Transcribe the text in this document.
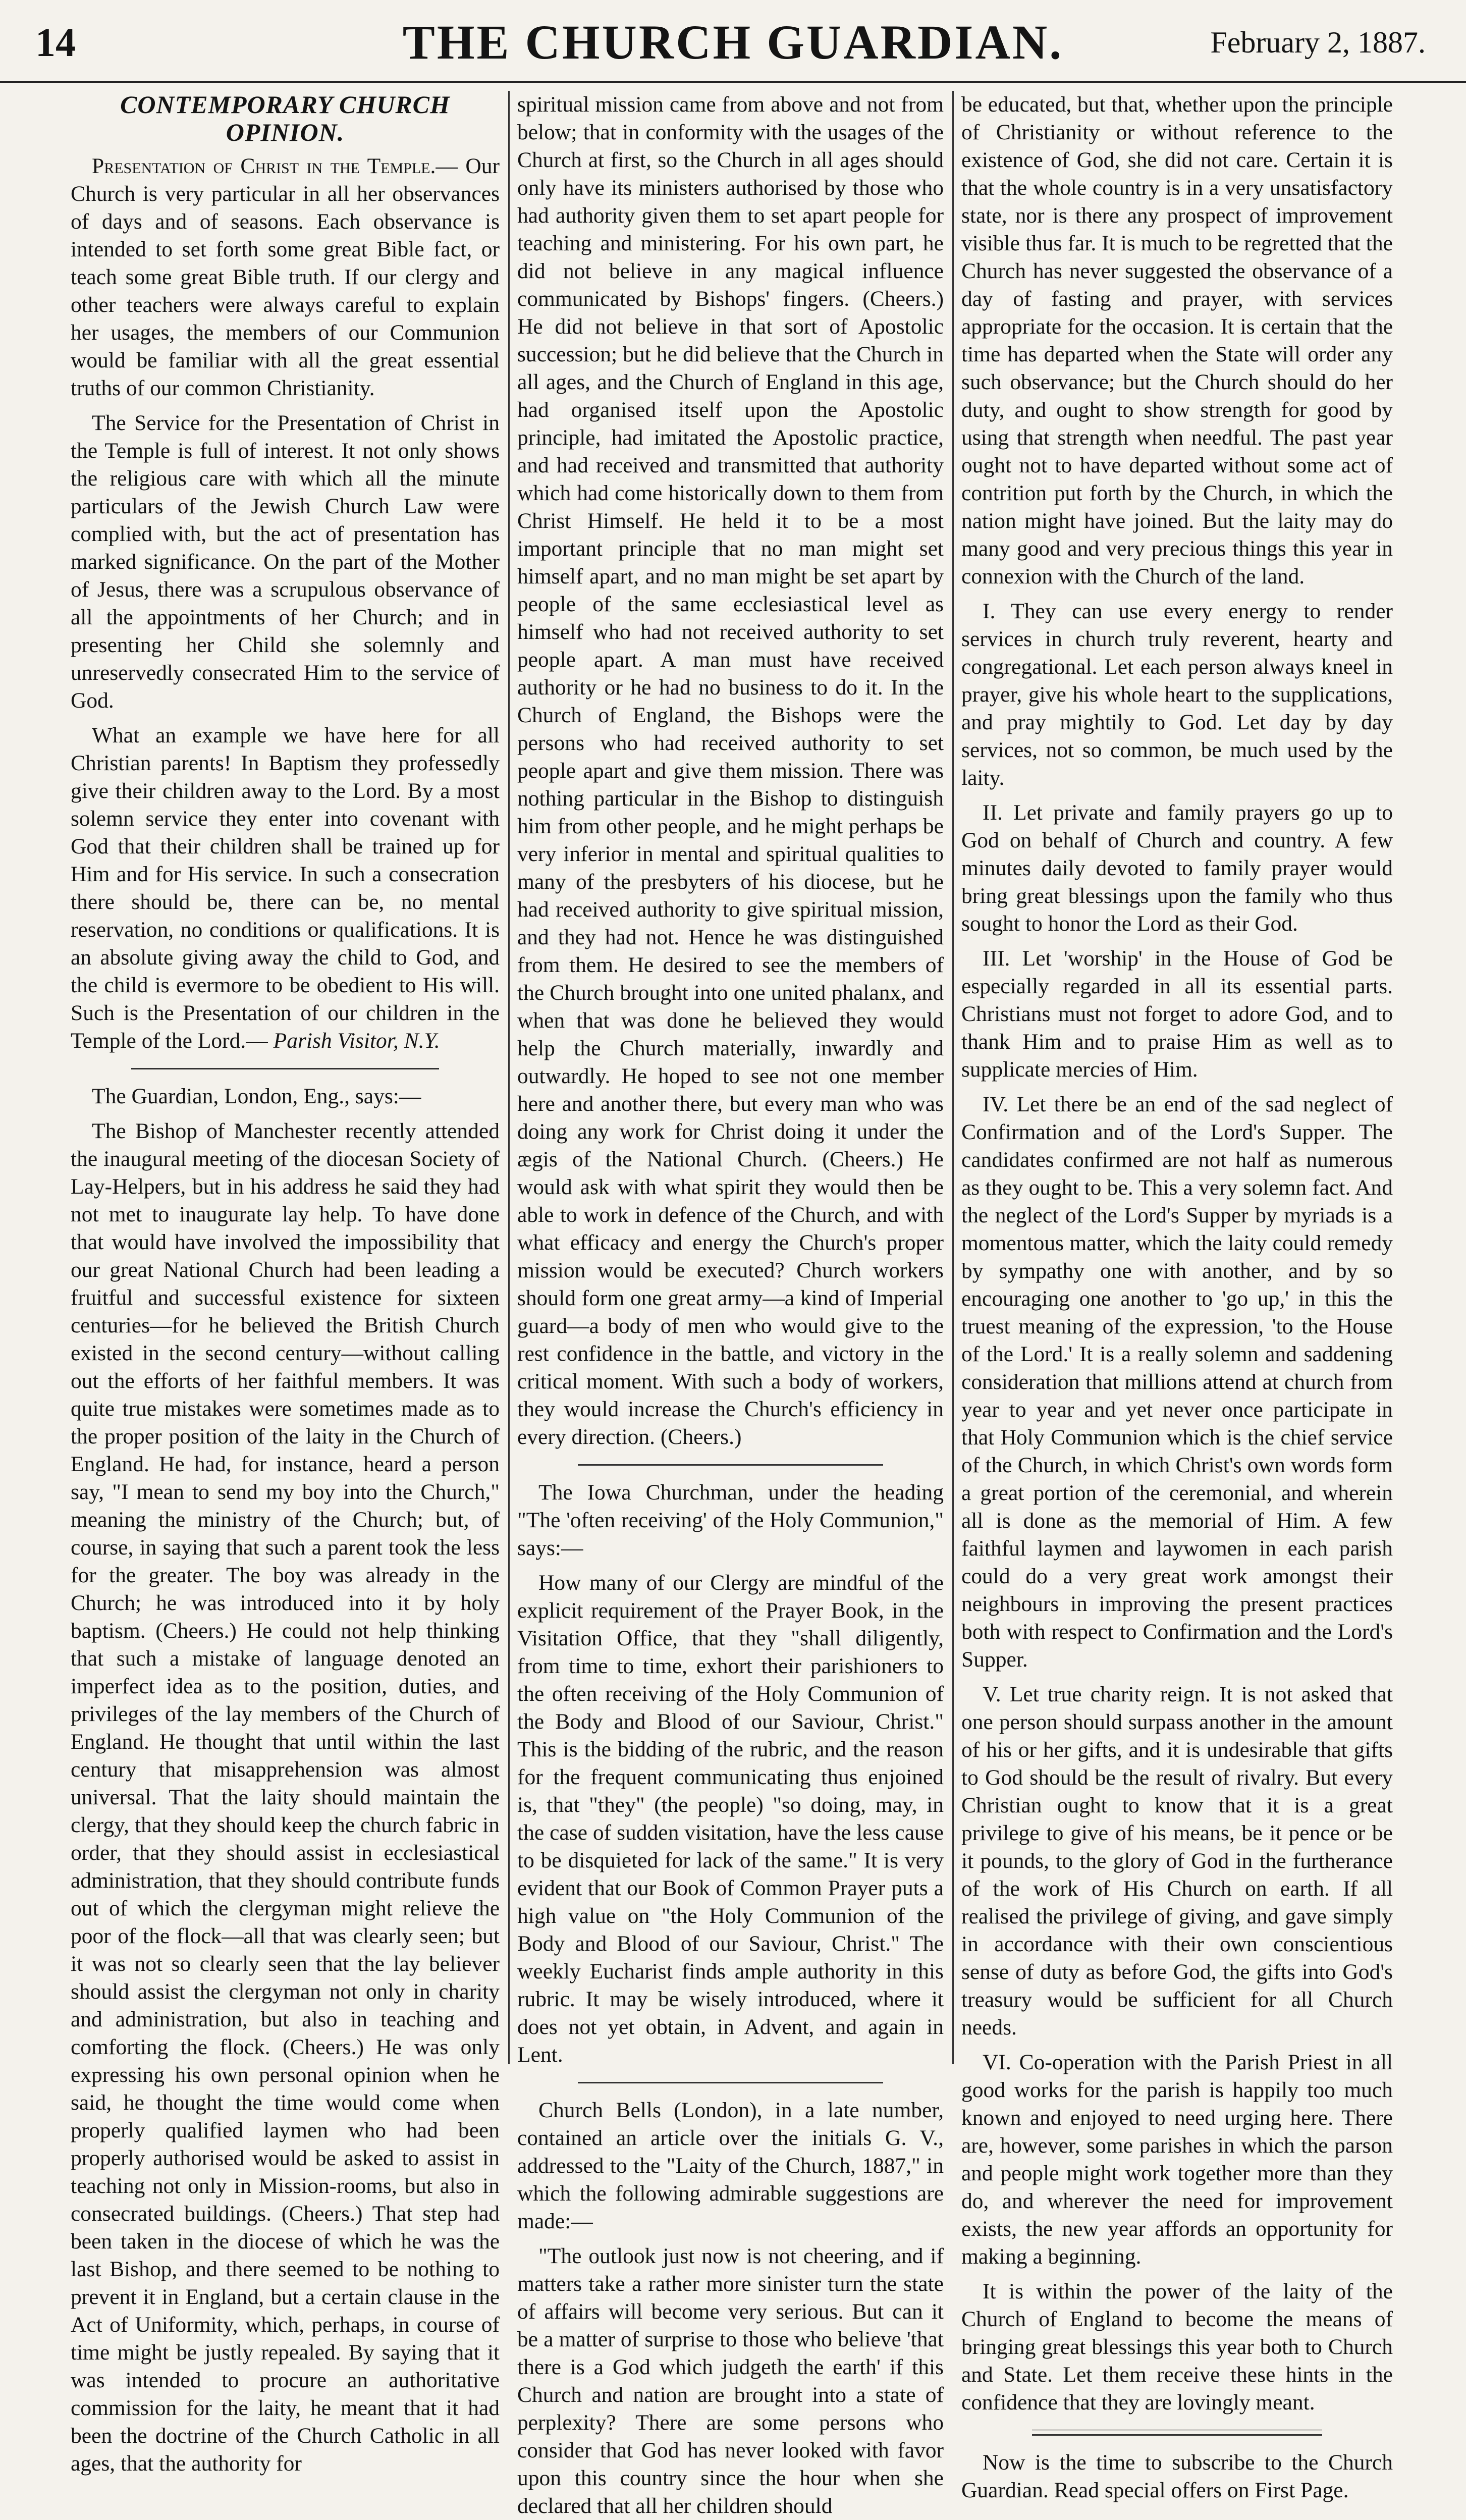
14	THE CHURCH GUARDIAN.	February 2, 1887.
CONTEMPORARY CHURCH OPINION.

Presentation of Christ in the Temple.— Our Church is very particular in all her observances of days and of seasons. Each observance is intended to set forth some great Bible fact, or teach some great Bible truth. If our clergy and other teachers were always careful to explain her usages, the members of our Communion would be familiar with all the great essential truths of our common Christianity.

The Service for the Presentation of Christ in the Temple is full of interest. It not only shows the religious care with which all the minute particulars of the Jewish Church Law were complied with, but the act of presentation has marked significance. On the part of the Mother of Jesus, there was a scrupulous observance of all the appointments of her Church; and in presenting her Child she solemnly and unreservedly consecrated Him to the service of God.

What an example we have here for all Christian parents! In Baptism they professedly give their children away to the Lord. By a most solemn service they enter into covenant with God that their children shall be trained up for Him and for His service. In such a consecration there should be, there can be, no mental reservation, no conditions or qualifications. It is an absolute giving away the child to God, and the child is evermore to be obedient to His will. Such is the Presentation of our children in the Temple of the Lord.— Parish Visitor, N.Y.

The Guardian, London, Eng., says:—

The Bishop of Manchester recently attended the inaugural meeting of the diocesan Society of Lay-Helpers, but in his address he said they had not met to inaugurate lay help. To have done that would have involved the impossibility that our great National Church had been leading a fruitful and successful existence for sixteen centuries—for he believed the British Church existed in the second century—without calling out the efforts of her faithful members. It was quite true mistakes were sometimes made as to the proper position of the laity in the Church of England. He had, for instance, heard a person say, "I mean to send my boy into the Church," meaning the ministry of the Church; but, of course, in saying that such a parent took the less for the greater. The boy was already in the Church; he was introduced into it by holy baptism. (Cheers.) He could not help thinking that such a mistake of language denoted an imperfect idea as to the position, duties, and privileges of the lay members of the Church of England. He thought that until within the last century that misapprehension was almost universal. That the laity should maintain the clergy, that they should keep the church fabric in order, that they should assist in ecclesiastical administration, that they should contribute funds out of which the clergyman might relieve the poor of the flock—all that was clearly seen; but it was not so clearly seen that the lay believer should assist the clergyman not only in charity and administration, but also in teaching and comforting the flock. (Cheers.) He was only expressing his own personal opinion when he said, he thought the time would come when properly qualified laymen who had been properly authorised would be asked to assist in teaching not only in Mission-rooms, but also in consecrated buildings. (Cheers.) That step had been taken in the diocese of which he was the last Bishop, and there seemed to be nothing to prevent it in England, but a certain clause in the Act of Uniformity, which, perhaps, in course of time might be justly repealed. By saying that it was intended to procure an authoritative commission for the laity, he meant that it had been the doctrine of the Church Catholic in all ages, that the authority for

spiritual mission came from above and not from below; that in conformity with the usages of the Church at first, so the Church in all ages should only have its ministers authorised by those who had authority given them to set apart people for teaching and ministering. For his own part, he did not believe in any magical influence communicated by Bishops' fingers. (Cheers.) He did not believe in that sort of Apostolic succession; but he did believe that the Church in all ages, and the Church of England in this age, had organised itself upon the Apostolic principle, had imitated the Apostolic practice, and had received and transmitted that authority which had come historically down to them from Christ Himself. He held it to be a most important principle that no man might set himself apart, and no man might be set apart by people of the same ecclesiastical level as himself who had not received authority to set people apart. A man must have received authority or he had no business to do it. In the Church of England, the Bishops were the persons who had received authority to set people apart and give them mission. There was nothing particular in the Bishop to distinguish him from other people, and he might perhaps be very inferior in mental and spiritual qualities to many of the presbyters of his diocese, but he had received authority to give spiritual mission, and they had not. Hence he was distinguished from them. He desired to see the members of the Church brought into one united phalanx, and when that was done he believed they would help the Church materially, inwardly and outwardly. He hoped to see not one member here and another there, but every man who was doing any work for Christ doing it under the ægis of the National Church. (Cheers.) He would ask with what spirit they would then be able to work in defence of the Church, and with what efficacy and energy the Church's proper mission would be executed? Church workers should form one great army—a kind of Imperial guard—a body of men who would give to the rest confidence in the battle, and victory in the critical moment. With such a body of workers, they would increase the Church's efficiency in every direction. (Cheers.)

The Iowa Churchman, under the heading "The 'often receiving' of the Holy Communion," says:—

How many of our Clergy are mindful of the explicit requirement of the Prayer Book, in the Visitation Office, that they "shall diligently, from time to time, exhort their parishioners to the often receiving of the Holy Communion of the Body and Blood of our Saviour, Christ." This is the bidding of the rubric, and the reason for the frequent communicating thus enjoined is, that "they" (the people) "so doing, may, in the case of sudden visitation, have the less cause to be disquieted for lack of the same." It is very evident that our Book of Common Prayer puts a high value on "the Holy Communion of the Body and Blood of our Saviour, Christ." The weekly Eucharist finds ample authority in this rubric. It may be wisely introduced, where it does not yet obtain, in Advent, and again in Lent.

Church Bells (London), in a late number, contained an article over the initials G. V., addressed to the "Laity of the Church, 1887," in which the following admirable suggestions are made:—

"The outlook just now is not cheering, and if matters take a rather more sinister turn the state of affairs will become very serious. But can it be a matter of surprise to those who believe 'that there is a God which judgeth the earth' if this Church and nation are brought into a state of perplexity? There are some persons who consider that God has never looked with favor upon this country since the hour when she declared that all her children should

be educated, but that, whether upon the principle of Christianity or without reference to the existence of God, she did not care. Certain it is that the whole country is in a very unsatisfactory state, nor is there any prospect of improvement visible thus far. It is much to be regretted that the Church has never suggested the observance of a day of fasting and prayer, with services appropriate for the occasion. It is certain that the time has departed when the State will order any such observance; but the Church should do her duty, and ought to show strength for good by using that strength when needful. The past year ought not to have departed without some act of contrition put forth by the Church, in which the nation might have joined. But the laity may do many good and very precious things this year in connexion with the Church of the land.

I. They can use every energy to render services in church truly reverent, hearty and congregational. Let each person always kneel in prayer, give his whole heart to the supplications, and pray mightily to God. Let day by day services, not so common, be much used by the laity.

II. Let private and family prayers go up to God on behalf of Church and country. A few minutes daily devoted to family prayer would bring great blessings upon the family who thus sought to honor the Lord as their God.

III. Let 'worship' in the House of God be especially regarded in all its essential parts. Christians must not forget to adore God, and to thank Him and to praise Him as well as to supplicate mercies of Him.

IV. Let there be an end of the sad neglect of Confirmation and of the Lord's Supper. The candidates confirmed are not half as numerous as they ought to be. This a very solemn fact. And the neglect of the Lord's Supper by myriads is a momentous matter, which the laity could remedy by sympathy one with another, and by so encouraging one another to 'go up,' in this the truest meaning of the expression, 'to the House of the Lord.' It is a really solemn and saddening consideration that millions attend at church from year to year and yet never once participate in that Holy Communion which is the chief service of the Church, in which Christ's own words form a great portion of the ceremonial, and wherein all is done as the memorial of Him. A few faithful laymen and laywomen in each parish could do a very great work amongst their neighbours in improving the present practices both with respect to Confirmation and the Lord's Supper.

V. Let true charity reign. It is not asked that one person should surpass another in the amount of his or her gifts, and it is undesirable that gifts to God should be the result of rivalry. But every Christian ought to know that it is a great privilege to give of his means, be it pence or be it pounds, to the glory of God in the furtherance of the work of His Church on earth. If all realised the privilege of giving, and gave simply in accordance with their own conscientious sense of duty as before God, the gifts into God's treasury would be sufficient for all Church needs.

VI. Co-operation with the Parish Priest in all good works for the parish is happily too much known and enjoyed to need urging here. There are, however, some parishes in which the parson and people might work together more than they do, and wherever the need for improvement exists, the new year affords an opportunity for making a beginning.

It is within the power of the laity of the Church of England to become the means of bringing great blessings this year both to Church and State. Let them receive these hints in the confidence that they are lovingly meant.

Now is the time to subscribe to the Church Guardian. Read special offers on First Page.
